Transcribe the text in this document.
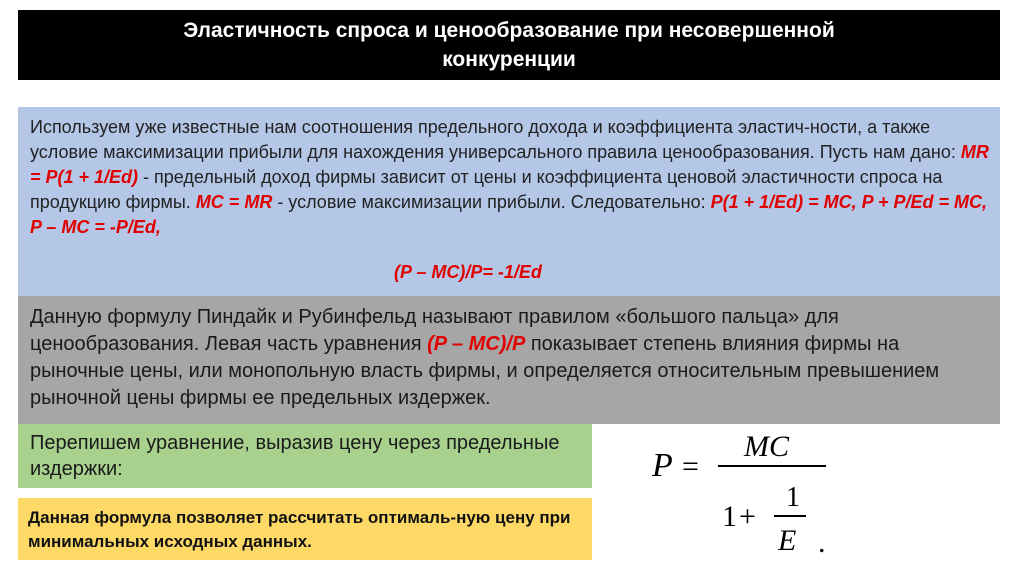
Эластичность спроса и ценообразование при несовершенной
конкуренции
Используем уже известные нам соотношения предельного дохода и коэффициента эластич-ности, а также условие максимизации прибыли для нахождения универсального правила ценообразования. Пусть нам дано: MR = P(1 + 1/Ed) - предельный доход фирмы зависит от цены и коэффициента ценовой эластичности спроса на продукцию фирмы. MC = MR - условие максимизации прибыли. Следовательно: P(1 + 1/Ed) = MC, P + P/Ed = MC, P – MC = -P/Ed,
(P – MC)/P= -1/Ed
Данную формулу Пиндайк и Рубинфельд называют правилом «большого пальца» для ценообразования. Левая часть уравнения (P – MC)/P показывает степень влияния фирмы на рыночные цены, или монопольную власть фирмы, и определяется относительным превышением рыночной цены фирмы ее предельных издержек.
Перепишем уравнение, выразив цену через предельные издержки:
Данная формула позволяет рассчитать оптималь-ную цену при минимальных исходных данных.
P =
MC
1 +
1
E .
